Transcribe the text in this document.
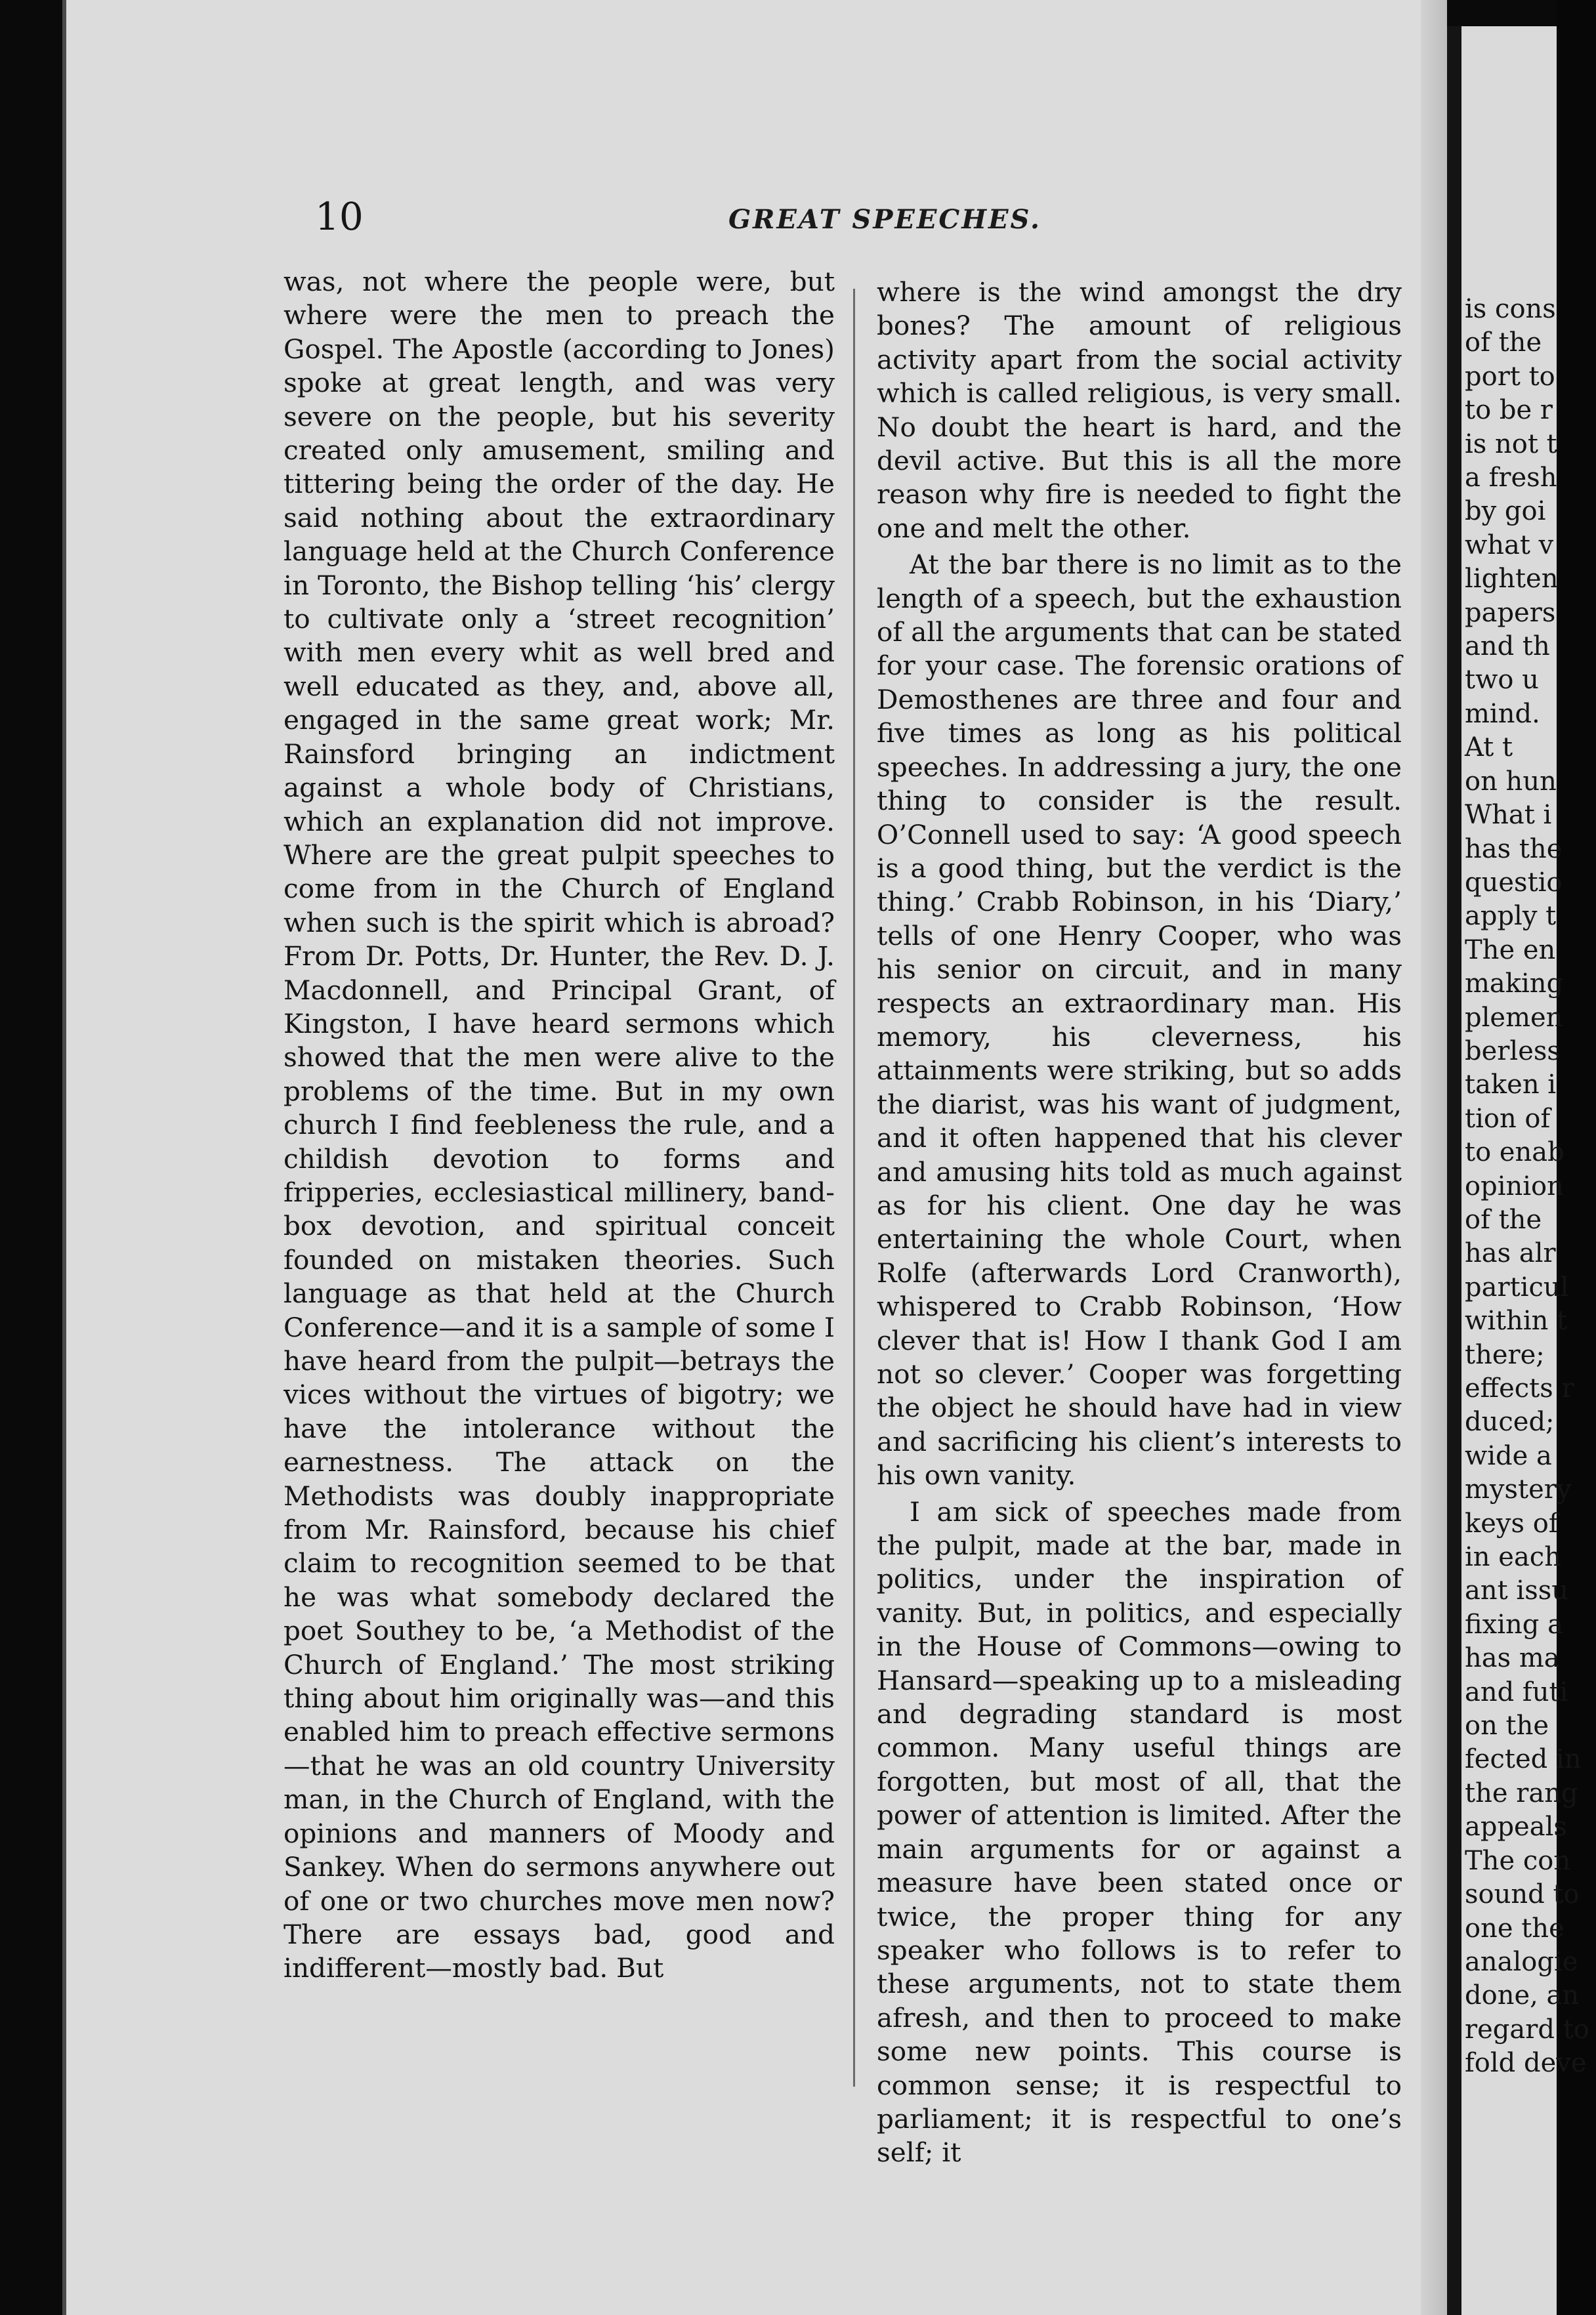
10	GREAT SPEECHES.

was, not where the people were, but where were the men to preach the Gospel. The Apostle (according to Jones) spoke at great length, and was very severe on the people, but his severity created only amusement, smiling and tittering being the order of the day. He said nothing about the extraordinary language held at the Church Conference in Toronto, the Bishop telling ‘his’ clergy to cultivate only a ‘street recognition’ with men every whit as well bred and well educated as they, and, above all, engaged in the same great work; Mr. Rainsford bringing an indictment against a whole body of Christians, which an explanation did not improve. Where are the great pulpit speeches to come from in the Church of England when such is the spirit which is abroad? From Dr. Potts, Dr. Hunter, the Rev. D. J. Macdonnell, and Principal Grant, of Kingston, I have heard sermons which showed that the men were alive to the problems of the time. But in my own church I find feebleness the rule, and a childish devotion to forms and fripperies, ecclesiastical millinery, band-box devotion, and spiritual conceit founded on mistaken theories. Such language as that held at the Church Conference—and it is a sample of some I have heard from the pulpit—betrays the vices without the virtues of bigotry; we have the intolerance without the earnestness. The attack on the Methodists was doubly inappropriate from Mr. Rainsford, because his chief claim to recognition seemed to be that he was what somebody declared the poet Southey to be, ‘a Methodist of the Church of England.’ The most striking thing about him originally was—and this enabled him to preach effective sermons—that he was an old country University man, in the Church of England, with the opinions and manners of Moody and Sankey. When do sermons anywhere out of one or two churches move men now? There are essays bad, good and indifferent—mostly bad. But

where is the wind amongst the dry bones? The amount of religious activity apart from the social activity which is called religious, is very small. No doubt the heart is hard, and the devil active. But this is all the more reason why fire is needed to fight the one and melt the other.

At the bar there is no limit as to the length of a speech, but the exhaustion of all the arguments that can be stated for your case. The forensic orations of Demosthenes are three and four and five times as long as his political speeches. In addressing a jury, the one thing to consider is the result. O’Connell used to say: ‘A good speech is a good thing, but the verdict is the thing.’ Crabb Robinson, in his ‘Diary,’ tells of one Henry Cooper, who was his senior on circuit, and in many respects an extraordinary man. His memory, his cleverness, his attainments were striking, but so adds the diarist, was his want of judgment, and it often happened that his clever and amusing hits told as much against as for his client. One day he was entertaining the whole Court, when Rolfe (afterwards Lord Cranworth), whispered to Crabb Robinson, ‘How clever that is! How I thank God I am not so clever.’ Cooper was forgetting the object he should have had in view and sacrificing his client’s interests to his own vanity.

I am sick of speeches made from the pulpit, made at the bar, made in politics, under the inspiration of vanity. But, in politics, and especially in the House of Commons—owing to Hansard—speaking up to a misleading and degrading standard is most common. Many useful things are forgotten, but most of all, that the power of attention is limited. After the main arguments for or against a measure have been stated once or twice, the proper thing for any speaker who follows is to refer to these arguments, not to state them afresh, and then to proceed to make some new points. This course is common sense; it is respectful to parliament; it is respectful to one’s self; it

is cons
of the
port to
to be r
is not t
a fresh
by goi
what v
lighten
papers
and th
two u
mind.
At t
on hun
What i
has the
questio
apply t
The en
making
plemen
berless
taken i
tion of
to enab
opinion
of the
has alr
particul
within t
there;
effects r
duced;
wide a
mystery
keys of
in each
ant issu
fixing a
has ma
and futi
on the
fected in
the rang
appeals
The con
sound to
one the
analogie
done, an
regard to
fold deve
